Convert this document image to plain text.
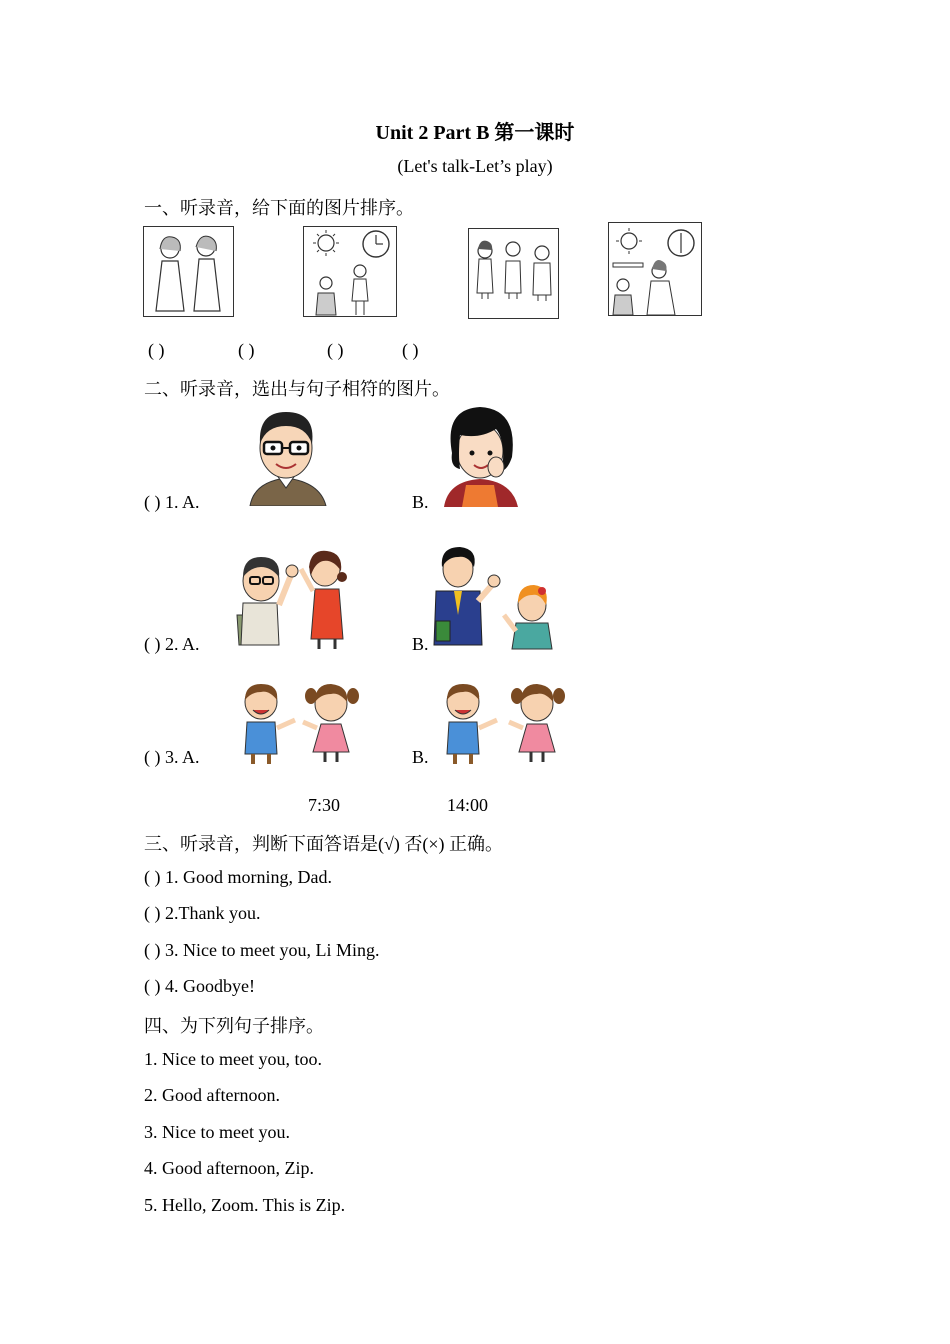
Unit 2 Part B 第一课时
(Let's talk-Let’s play)
一、听录音，给下面的图片排序。
( )	( )	( )	( )
二、听录音，选出与句子相符的图片。
( ) 1. A.	B.
( ) 2. A.	B.
( ) 3. A.	B.
7:30	14:00
三、听录音，判断下面答语是(√) 否(×) 正确。
( ) 1. Good morning, Dad.
( ) 2.Thank you.
( ) 3. Nice to meet you, Li Ming.
( ) 4. Goodbye!
四、为下列句子排序。
1. Nice to meet you, too.
2. Good afternoon.
3. Nice to meet you.
4. Good afternoon, Zip.
5. Hello, Zoom. This is Zip.
